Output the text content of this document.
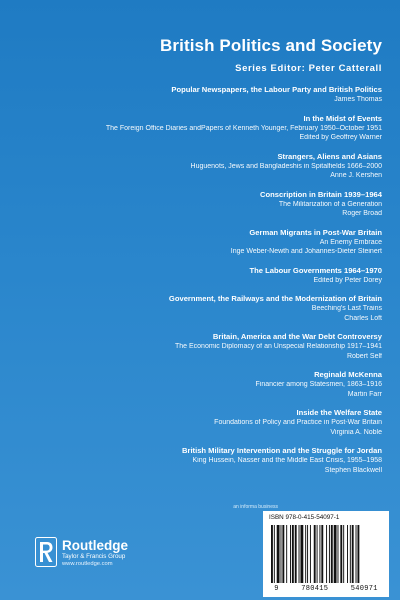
British Politics and Society
Series Editor: Peter Catterall
Popular Newspapers, the Labour Party and British Politics
James Thomas
In the Midst of Events
The Foreign Office Diaries andPapers of Kenneth Younger, February 1950–October 1951
Edited by Geoffrey Warner
Strangers, Aliens and Asians
Huguenots, Jews and Bangladeshis in Spitalfields 1666–2000
Anne J. Kershen
Conscription in Britain 1939–1964
The Militarization of a Generation
Roger Broad
German Migrants in Post-War Britain
An Enemy Embrace
Inge Weber-Newth and Johannes-Dieter Steinert
The Labour Governments 1964–1970
Edited by Peter Dorey
Government, the Railways and the Modernization of Britain
Beeching's Last Trains
Charles Loft
Britain, America and the War Debt Controversy
The Economic Diplomacy of an Unspecial Relationship 1917–1941
Robert Self
Reginald McKenna
Financier among Statesmen, 1863–1916
Martin Farr
Inside the Welfare State
Foundations of Policy and Practice in Post-War Britain
Virginia A. Noble
British Military Intervention and the Struggle for Jordan
King Hussein, Nasser and the Middle East Crisis, 1955–1958
Stephen Blackwell
an informa business
ISBN 978-0-415-54097-1
9	780415	540971
Routledge
Taylor & Francis Group
www.routledge.com
